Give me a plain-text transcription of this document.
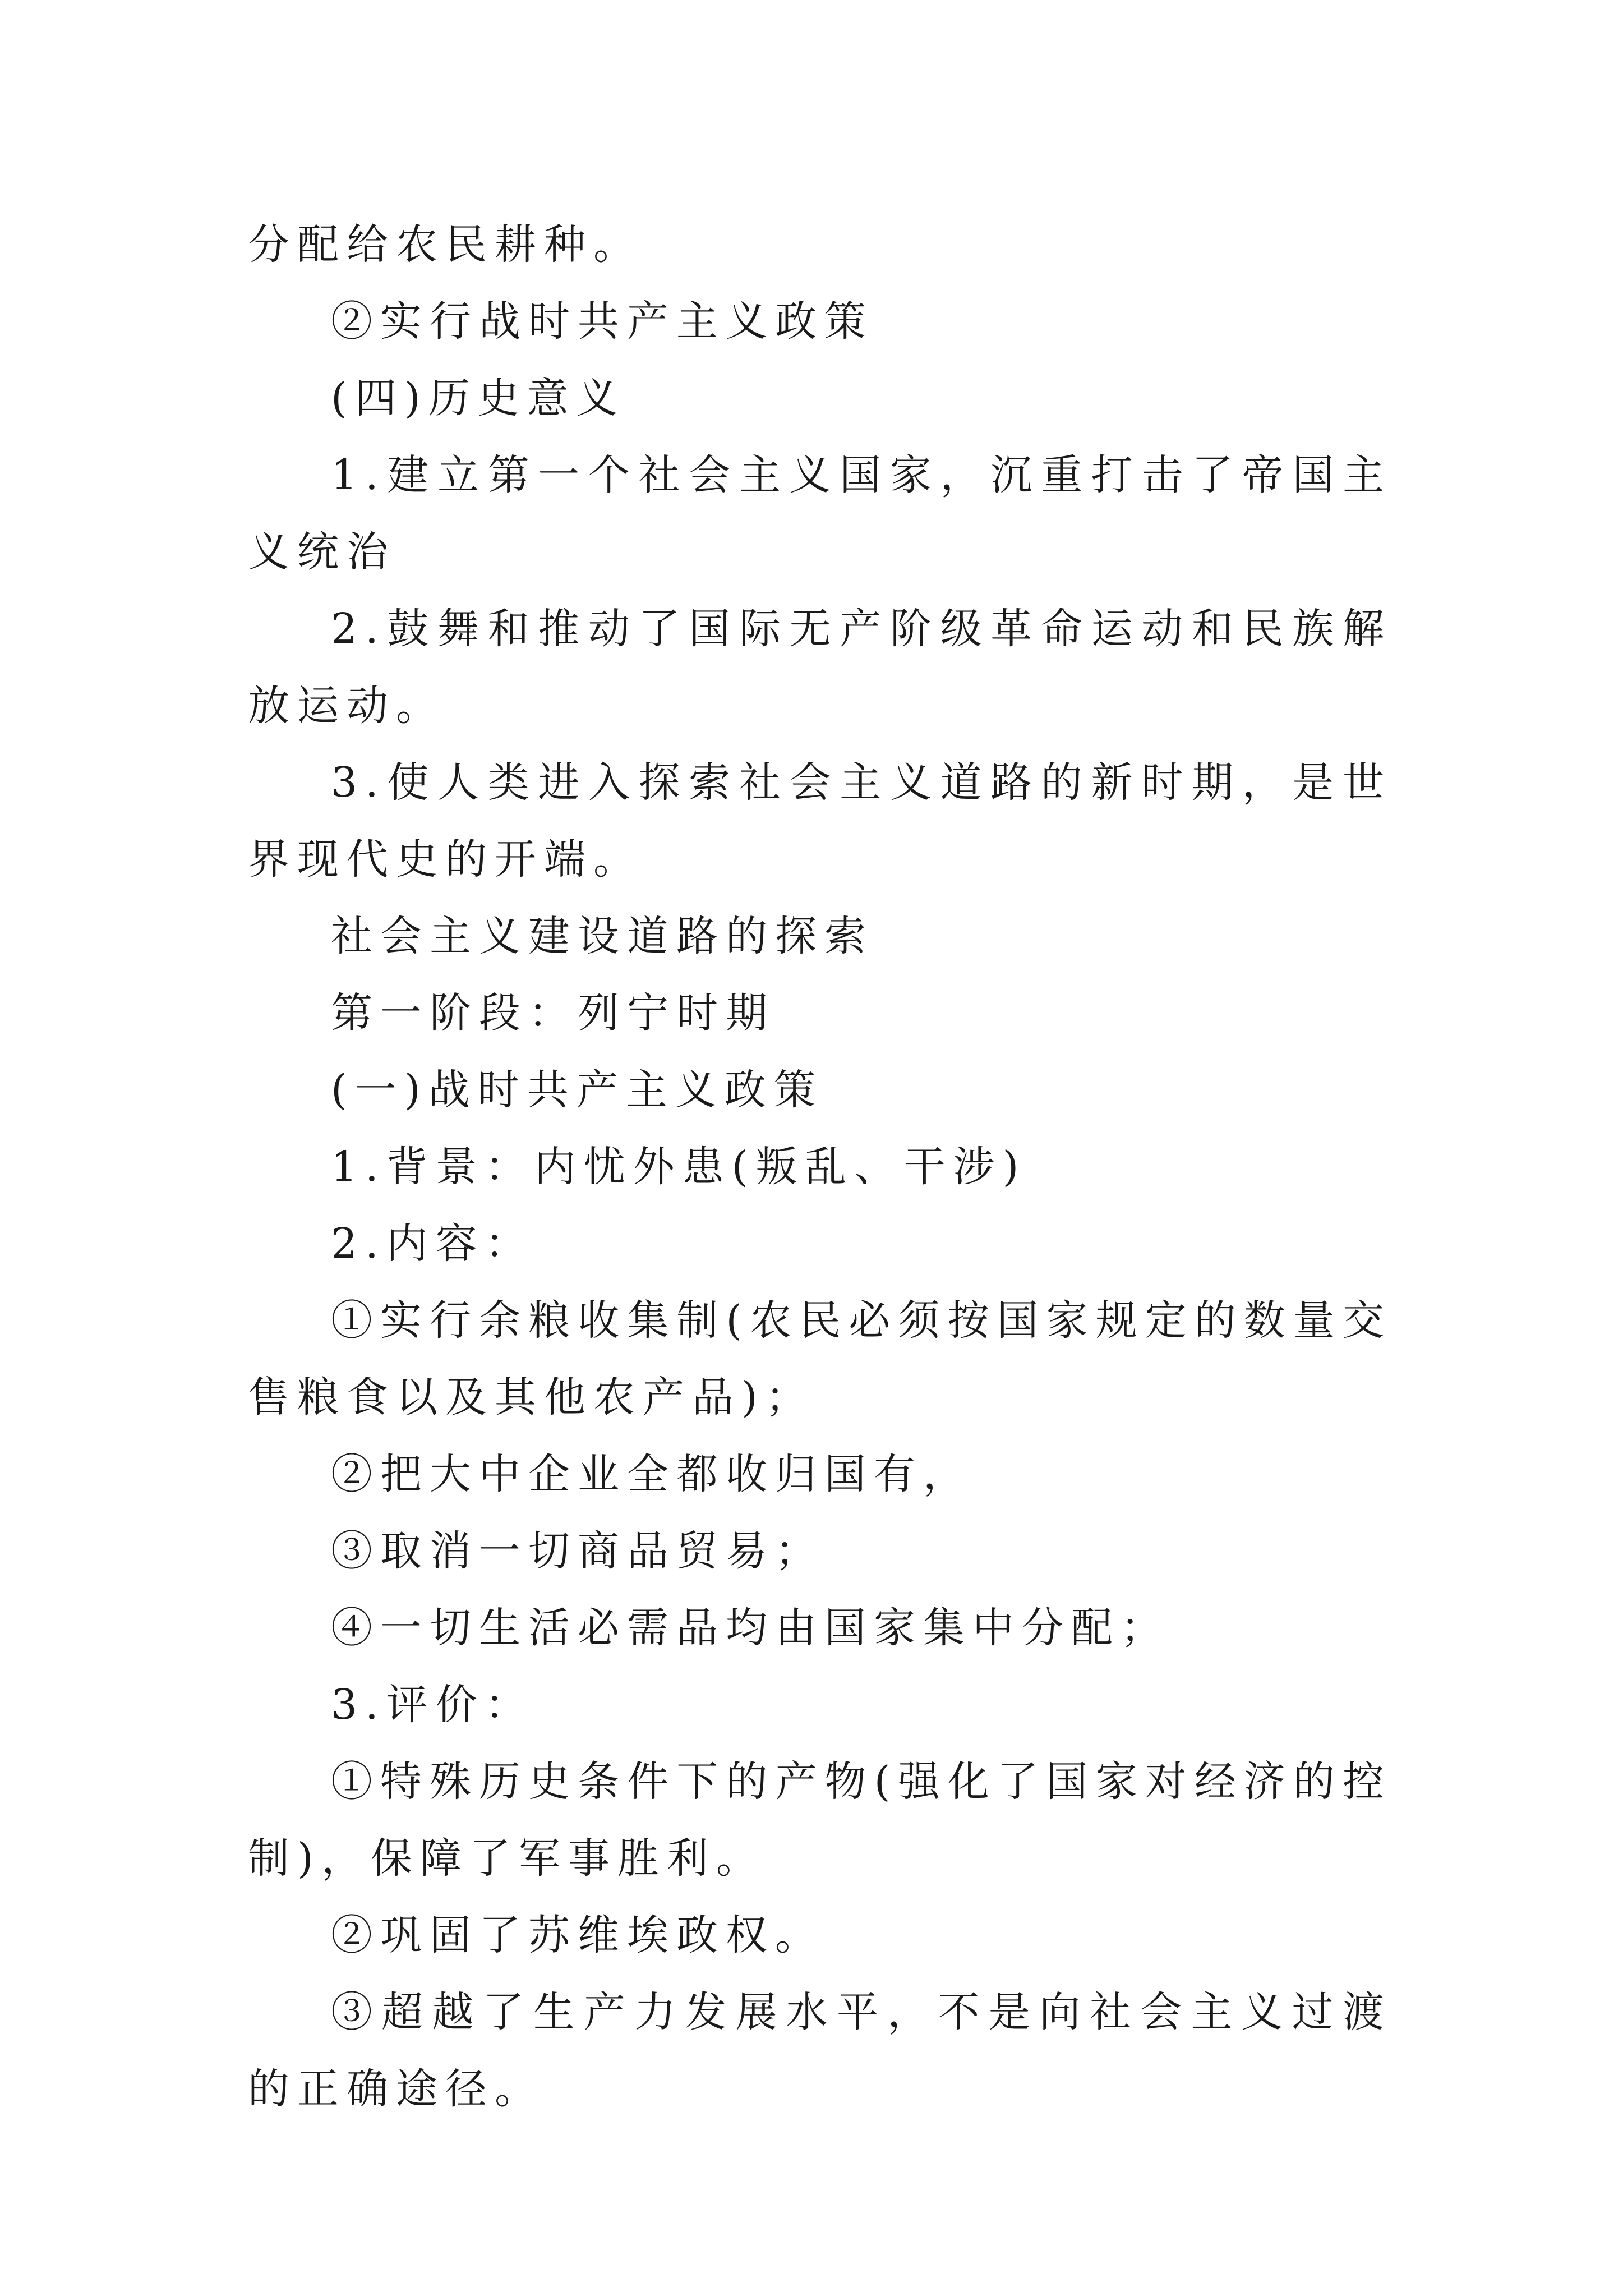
分配给农民耕种。

②实行战时共产主义政策

(四)历史意义

1.建立第一个社会主义国家，沉重打击了帝国主义统治

2.鼓舞和推动了国际无产阶级革命运动和民族解放运动。

3.使人类进入探索社会主义道路的新时期，是世界现代史的开端。

社会主义建设道路的探索

第一阶段：列宁时期

(一)战时共产主义政策

1.背景：内忧外患(叛乱、干涉)

2.内容：

①实行余粮收集制(农民必须按国家规定的数量交售粮食以及其他农产品)；

②把大中企业全都收归国有，

③取消一切商品贸易；

④一切生活必需品均由国家集中分配；

3.评价：

①特殊历史条件下的产物(强化了国家对经济的控制)，保障了军事胜利。

②巩固了苏维埃政权。

③超越了生产力发展水平，不是向社会主义过渡的正确途径。
